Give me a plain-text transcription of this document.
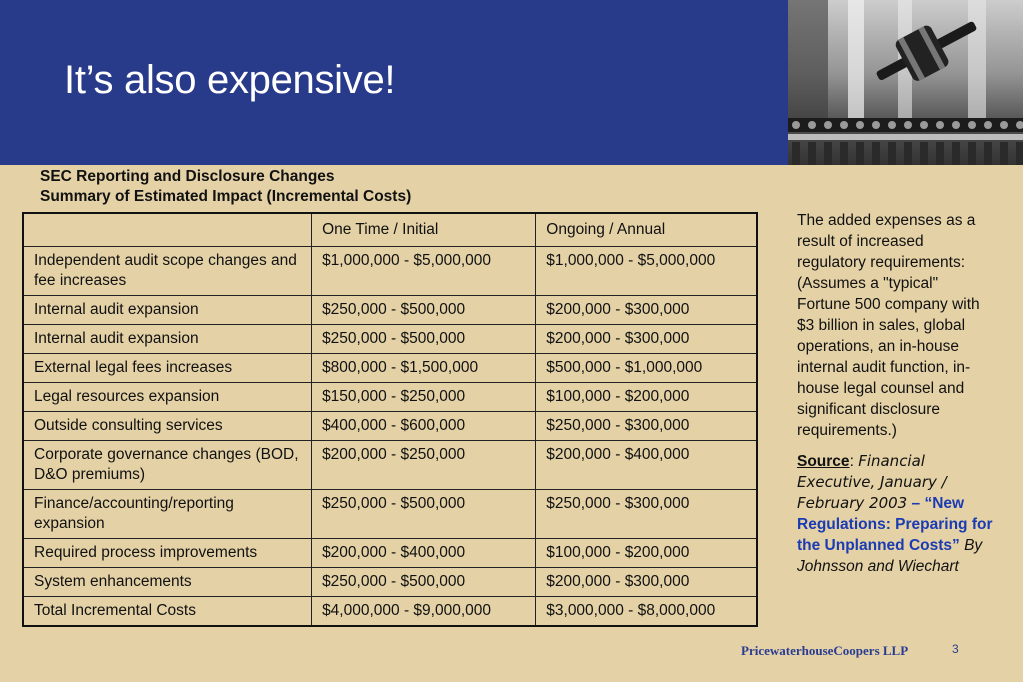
It’s also expensive!
SEC Reporting and Disclosure Changes
Summary of Estimated Impact (Incremental Costs)
	One Time / Initial	Ongoing / Annual
Independent audit scope changes and fee increases	$1,000,000 - $5,000,000	$1,000,000 - $5,000,000
Internal audit expansion	$250,000 - $500,000	$200,000 - $300,000
Internal audit expansion	$250,000 - $500,000	$200,000 - $300,000
External legal fees increases	$800,000 - $1,500,000	$500,000 - $1,000,000
Legal resources expansion	$150,000 - $250,000	$100,000 - $200,000
Outside consulting services	$400,000 - $600,000	$250,000 - $300,000
Corporate governance changes (BOD, D&O premiums)	$200,000 - $250,000	$200,000 - $400,000
Finance/accounting/reporting expansion	$250,000 - $500,000	$250,000 - $300,000
Required process improvements	$200,000 - $400,000	$100,000 - $200,000
System enhancements	$250,000 - $500,000	$200,000 - $300,000
Total Incremental Costs	$4,000,000 - $9,000,000	$3,000,000 - $8,000,000

The added expenses as a result of increased regulatory requirements: (Assumes a "typical" Fortune 500 company with $3 billion in sales, global operations, an in-house internal audit function, in-house legal counsel and significant disclosure requirements.)

Source: Financial Executive, January / February 2003 – “New Regulations: Preparing for the Unplanned Costs” By Johnsson and Wiechart

PricewaterhouseCoopers LLP	3
